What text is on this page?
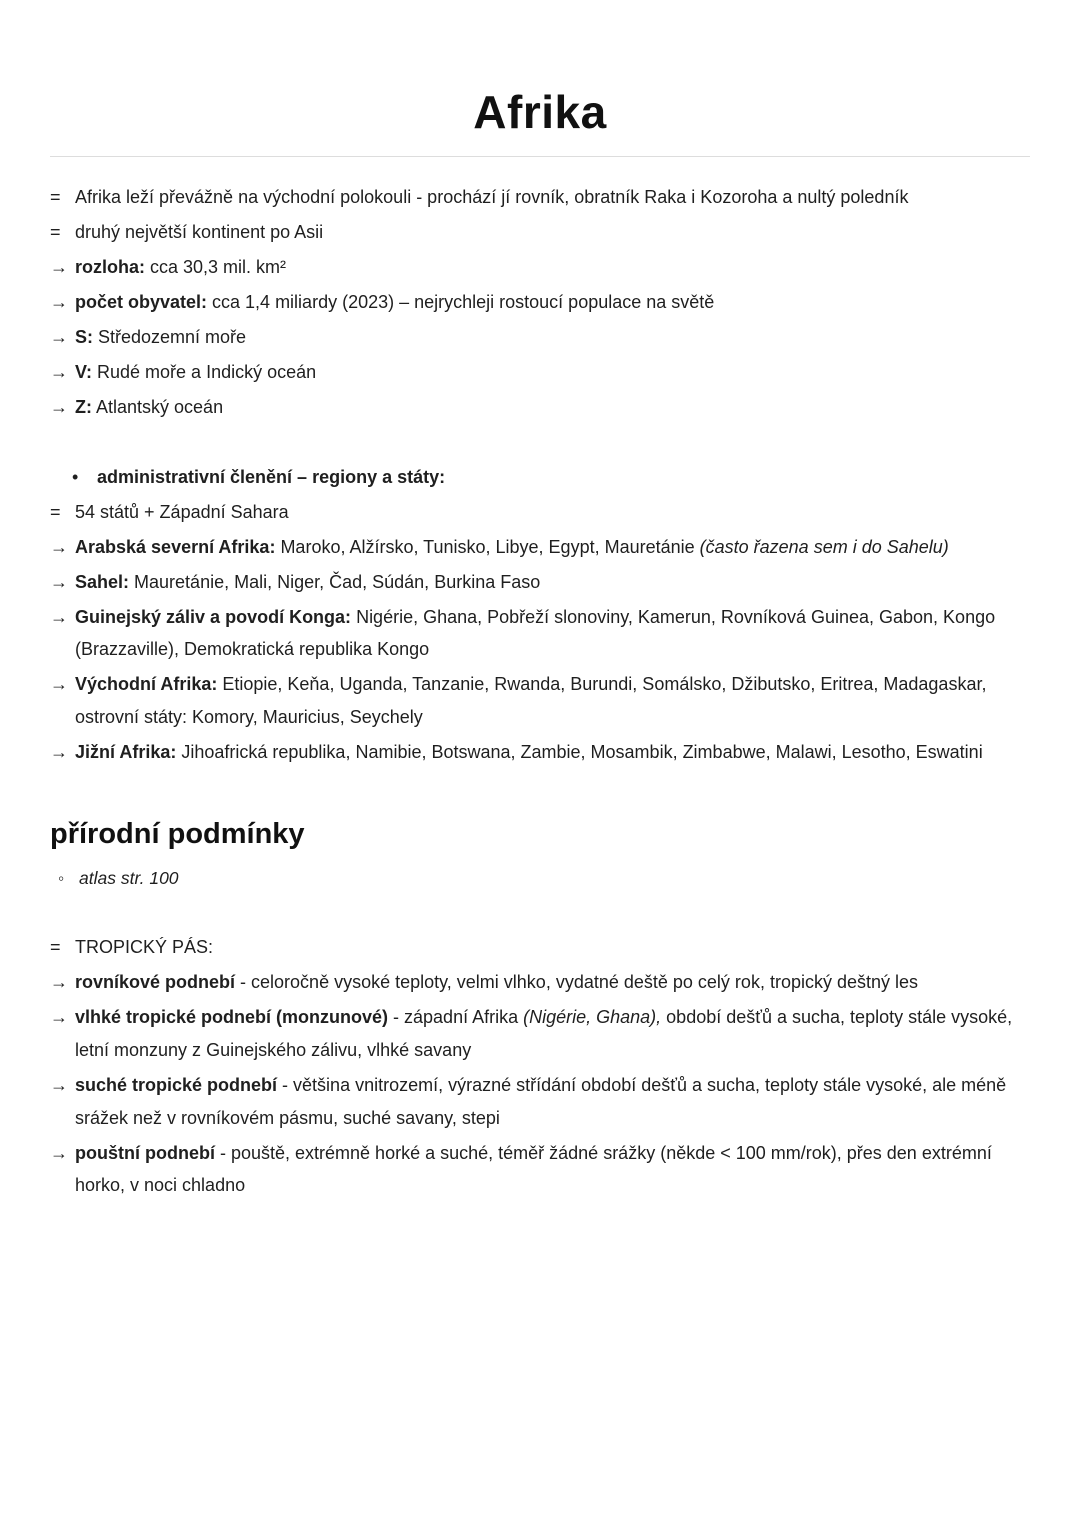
Afrika
= Afrika leží převážně na východní polokouli - prochází jí rovník, obratník Raka i Kozoroha a nultý poledník
= druhý největší kontinent po Asii
→ rozloha: cca 30,3 mil. km²
→ počet obyvatel: cca 1,4 miliardy (2023) – nejrychleji rostoucí populace na světě
→ S: Středozemní moře
→ V: Rudé moře a Indický oceán
→ Z: Atlantský oceán
• administrativní členění – regiony a státy:
= 54 států + Západní Sahara
→ Arabská severní Afrika: Maroko, Alžírsko, Tunisko, Libye, Egypt, Mauretánie (často řazena sem i do Sahelu)
→ Sahel: Mauretánie, Mali, Niger, Čad, Súdán, Burkina Faso
→ Guinejský záliv a povodí Konga: Nigérie, Ghana, Pobřeží slonoviny, Kamerun, Rovníková Guinea, Gabon, Kongo (Brazzaville), Demokratická republika Kongo
→ Východní Afrika: Etiopie, Keňa, Uganda, Tanzanie, Rwanda, Burundi, Somálsko, Džibutsko, Eritrea, Madagaskar, ostrovní státy: Komory, Mauricius, Seychely
→ Jižní Afrika: Jihoafrická republika, Namibie, Botswana, Zambie, Mosambik, Zimbabwe, Malawi, Lesotho, Eswatini
přírodní podmínky
◦ atlas str. 100
= TROPICKÝ PÁS:
→ rovníkové podnebí - celoročně vysoké teploty, velmi vlhko, vydatné deště po celý rok, tropický deštný les
→ vlhké tropické podnebí (monzunové) - západní Afrika (Nigérie, Ghana), období dešťů a sucha, teploty stále vysoké, letní monzuny z Guinejského zálivu, vlhké savany
→ suché tropické podnebí - většina vnitrozemí, výrazné střídání období dešťů a sucha, teploty stále vysoké, ale méně srážek než v rovníkovém pásmu, suché savany, stepi
→ pouštní podnebí - pouště, extrémně horké a suché, téměř žádné srážky (někde < 100 mm/rok), přes den extrémní horko, v noci chladno
